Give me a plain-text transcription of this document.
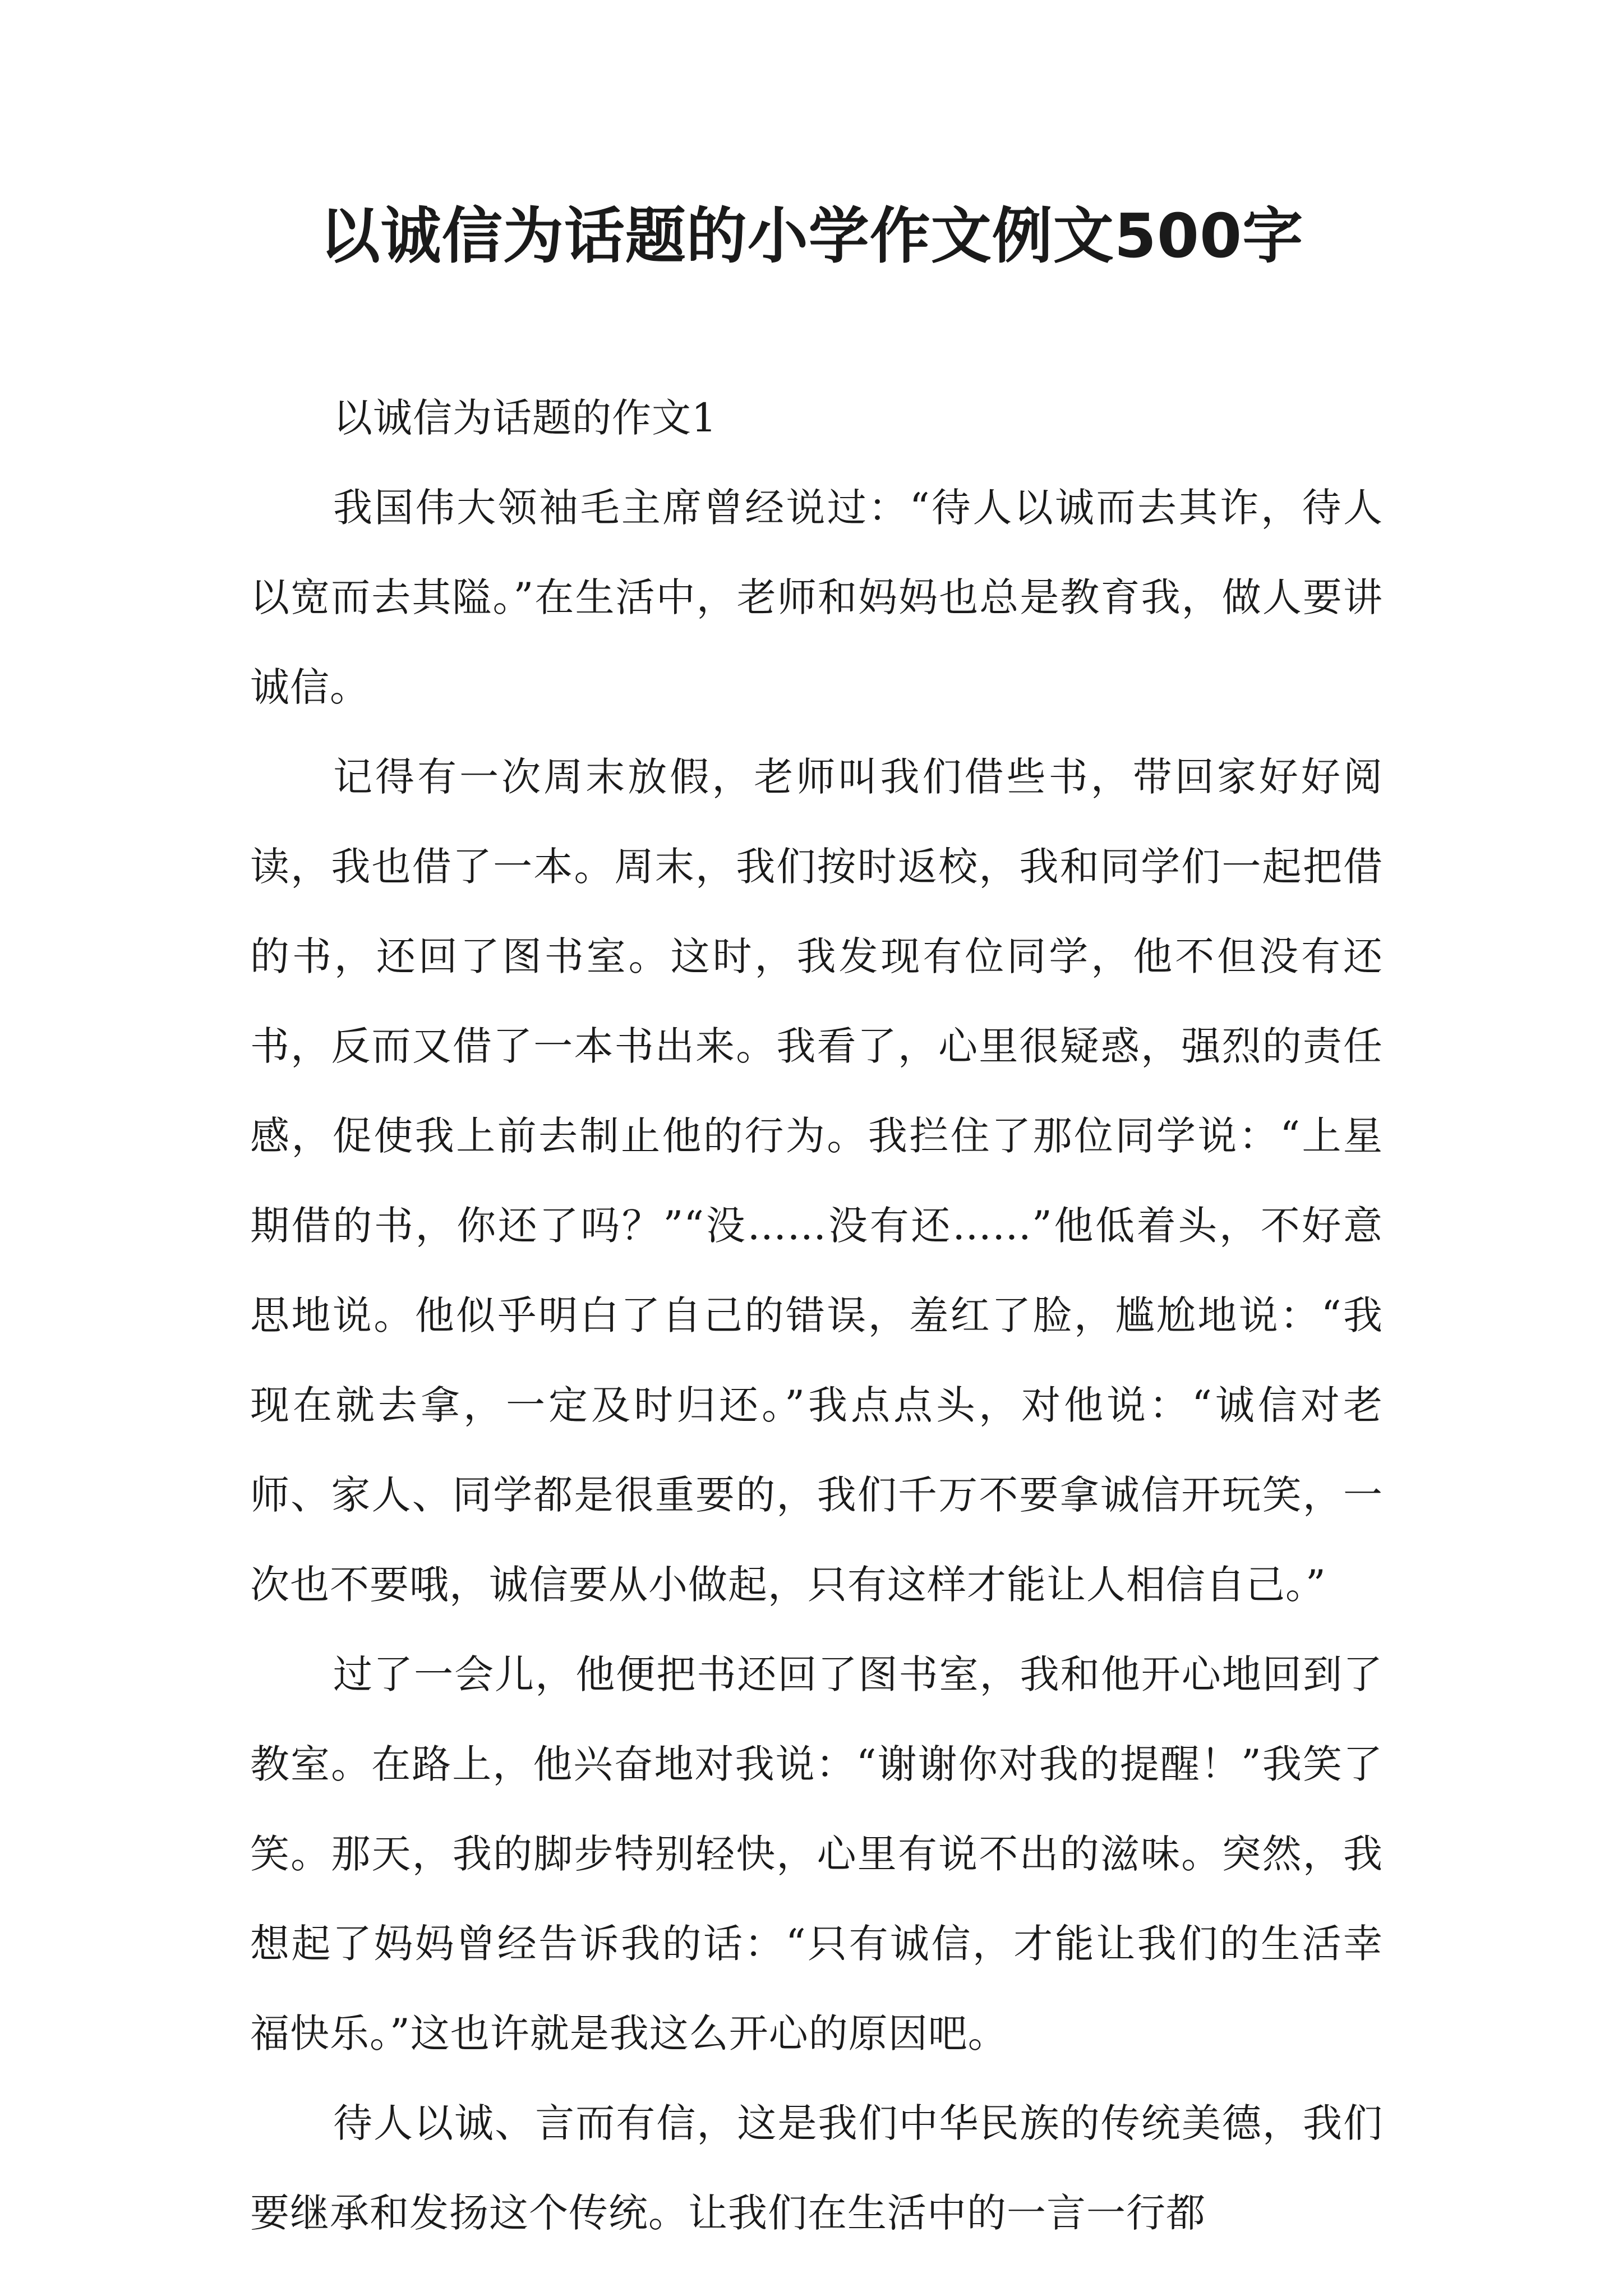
以诚信为话题的小学作文例文500字

以诚信为话题的作文1

我国伟大领袖毛主席曾经说过：“待人以诚而去其诈，待人以宽而去其隘。”在生活中，老师和妈妈也总是教育我，做人要讲诚信。

记得有一次周末放假，老师叫我们借些书，带回家好好阅读，我也借了一本。周末，我们按时返校，我和同学们一起把借的书，还回了图书室。这时，我发现有位同学，他不但没有还书，反而又借了一本书出来。我看了，心里很疑惑，强烈的责任感，促使我上前去制止他的行为。我拦住了那位同学说：“上星期借的书，你还了吗？”“没……没有还……”他低着头，不好意思地说。他似乎明白了自己的错误，羞红了脸，尴尬地说：“我现在就去拿，一定及时归还。”我点点头，对他说：“诚信对老师、家人、同学都是很重要的，我们千万不要拿诚信开玩笑，一次也不要哦，诚信要从小做起，只有这样才能让人相信自己。”

过了一会儿，他便把书还回了图书室，我和他开心地回到了教室。在路上，他兴奋地对我说：“谢谢你对我的提醒！”我笑了笑。那天，我的脚步特别轻快，心里有说不出的滋味。突然，我想起了妈妈曾经告诉我的话：“只有诚信，才能让我们的生活幸福快乐。”这也许就是我这么开心的原因吧。

待人以诚、言而有信，这是我们中华民族的传统美德，我们要继承和发扬这个传统。让我们在生活中的一言一行都
